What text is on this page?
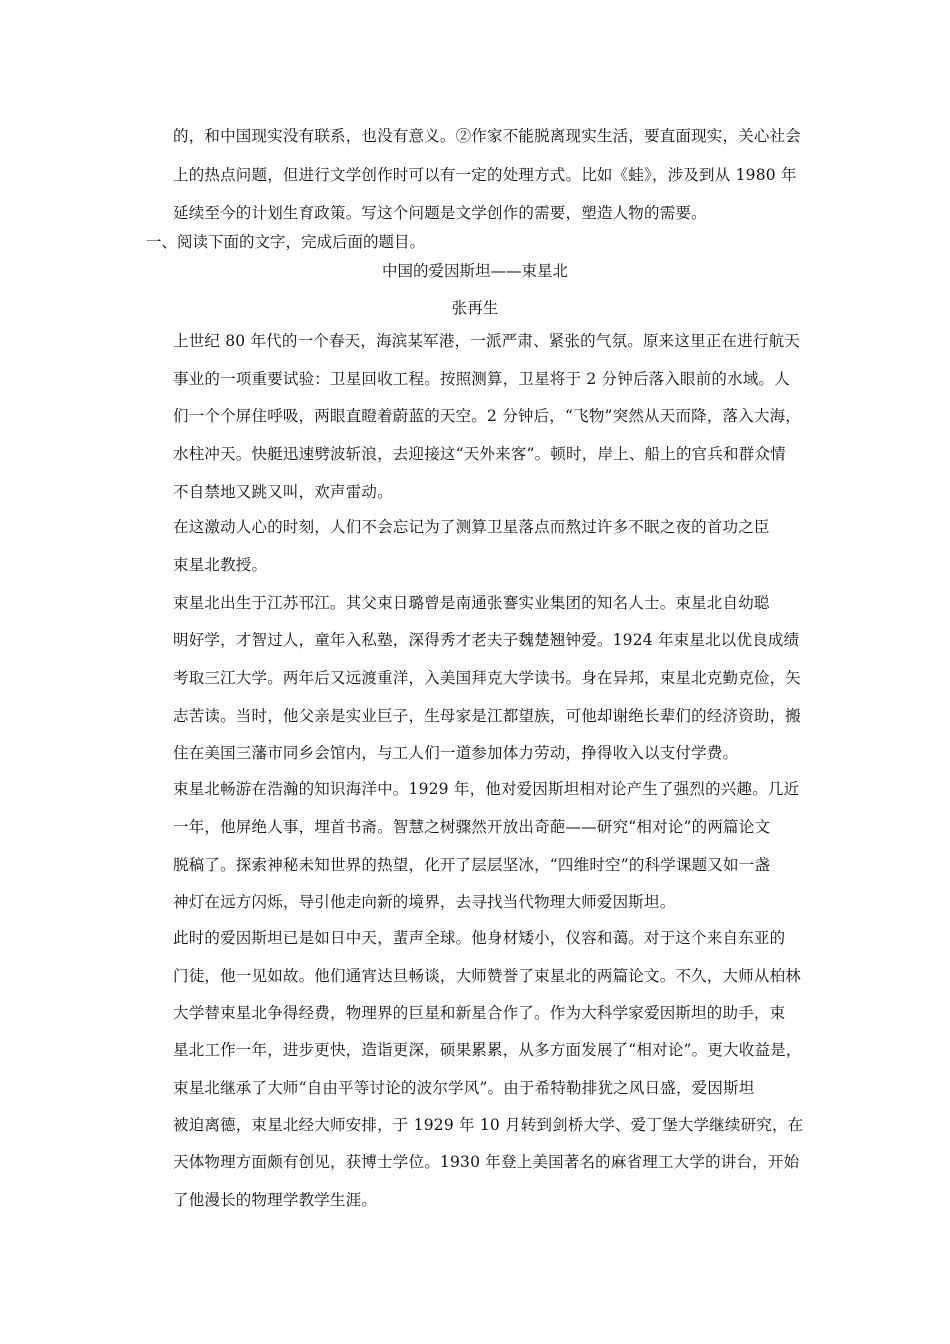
的，和中国现实没有联系，也没有意义。②作家不能脱离现实生活，要直面现实，关心社会
上的热点问题，但进行文学创作时可以有一定的处理方式。比如《蛙》，涉及到从 1980 年
延续至今的计划生育政策。写这个问题是文学创作的需要，塑造人物的需要。
一、阅读下面的文字，完成后面的题目。
中国的爱因斯坦——束星北
张再生
上世纪 80 年代的一个春天，海滨某军港，一派严肃、紧张的气氛。原来这里正在进行航天
事业的一项重要试验：卫星回收工程。按照测算，卫星将于 2 分钟后落入眼前的水域。人
们一个个屏住呼吸，两眼直瞪着蔚蓝的天空。2 分钟后，“飞物”突然从天而降，落入大海，
水柱冲天。快艇迅速劈波斩浪，去迎接这“天外来客”。顿时，岸上、船上的官兵和群众情
不自禁地又跳又叫，欢声雷动。
在这激动人心的时刻，人们不会忘记为了测算卫星落点而熬过许多不眠之夜的首功之臣
束星北教授。
束星北出生于江苏邗江。其父束日璐曾是南通张謇实业集团的知名人士。束星北自幼聪
明好学，才智过人，童年入私塾，深得秀才老夫子魏楚翘钟爱。1924 年束星北以优良成绩
考取三江大学。两年后又远渡重洋，入美国拜克大学读书。身在异邦，束星北克勤克俭，矢
志苦读。当时，他父亲是实业巨子，生母家是江都望族，可他却谢绝长辈们的经济资助，搬
住在美国三藩市同乡会馆内，与工人们一道参加体力劳动，挣得收入以支付学费。
束星北畅游在浩瀚的知识海洋中。1929 年，他对爱因斯坦相对论产生了强烈的兴趣。几近
一年，他屏绝人事，埋首书斋。智慧之树骤然开放出奇葩——研究“相对论”的两篇论文
脱稿了。探索神秘未知世界的热望，化开了层层坚冰，“四维时空”的科学课题又如一盏
神灯在远方闪烁，导引他走向新的境界，去寻找当代物理大师爱因斯坦。
此时的爱因斯坦已是如日中天，蜚声全球。他身材矮小，仪容和蔼。对于这个来自东亚的
门徒，他一见如故。他们通宵达旦畅谈，大师赞誉了束星北的两篇论文。不久，大师从柏林
大学替束星北争得经费，物理界的巨星和新星合作了。作为大科学家爱因斯坦的助手，束
星北工作一年，进步更快，造诣更深，硕果累累，从多方面发展了“相对论”。更大收益是，
束星北继承了大师“自由平等讨论的波尔学风”。由于希特勒排犹之风日盛，爱因斯坦
被迫离德，束星北经大师安排，于 1929 年 10 月转到剑桥大学、爱丁堡大学继续研究，在
天体物理方面颇有创见，获博士学位。1930 年登上美国著名的麻省理工大学的讲台，开始
了他漫长的物理学教学生涯。
